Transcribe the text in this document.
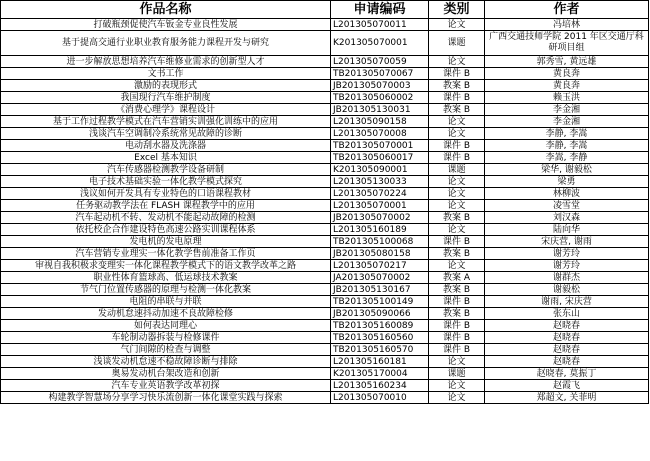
作品名称	申请编码	类别	作者
打破瓶颈促使汽车钣金专业良性发展	L201305070011	论文	冯培林
基于提高交通行业职业教育服务能力课程开发与研究	K201305070001	课题	广西交通技师学院 2011 年区交通厅科研项目组
进一步解放思想培养汽车维修业需求的创新型人才	L201305070059	论文	郭秀雪, 黄远雄
文书工作	TB201305070067	课件 B	黄良奔
激励的表现形式	JB201305070003	教案 B	黄良奔
我国现行汽车维护制度	TB201305060002	课件 B	赖玉洪
《消费心理学》课程设计	JB201305130031	教案 B	李金湘
基于工作过程教学模式在汽车营销实训强化训练中的应用	L201305090158	论文	李金湘
浅谈汽车空调制冷系统常见故障的诊断	L201305070008	论文	李静, 李嵩
电动刮水器及洗涤器	TB201305070001	课件 B	李静, 李嵩
Excel 基本知识	TB201305060017	课件 B	李嵩, 李静
汽车传感器检测教学设备研制	K201305090001	课题	梁华, 谢毅松
电子技术基础实验一体化教学模式探究	L201305130033	论文	梁勇
浅议如何开发具有专业特色的口语课程教材	L201305070224	论文	林柳波
任务驱动教学法在 FLASH 课程教学中的应用	L201305070001	论文	凌雪堂
汽车起动机不转、发动机不能起动故障的检测	JB201305070002	教案 B	刘汉森
依托校企合作建设特色高速公路实训课程体系	L201305160189	论文	陆向华
发电机的发电原理	TB201305100068	课件 B	宋庆营, 谢雨
汽车营销专业理实一体化教学售前准备工作页	JB201305080158	教案 B	谢芳玲
审视自我积极求变理实一体化课程教学模式下的语文教学改革之路	L201305070217	论文	谢芳玲
职业性体育篮球高、低运球技术教案	JA201305070002	教案 A	谢群杰
节气门位置传感器的原理与检测一体化教案	JB201305130167	教案 B	谢毅松
电阻的串联与并联	TB201305100149	课件 B	谢雨, 宋庆营
发动机怠速抖动加速不良故障检修	JB201305090066	教案 B	张东山
如何表达同理心	TB201305160089	课件 B	赵晓春
车轮制动器拆装与检修课件	TB201305160560	课件 B	赵晓春
气门间隙的检查与调整	TB201305160570	课件 B	赵晓春
浅谈发动机怠速不稳故障诊断与排除	L201305160181	论文	赵晓春
奥易发动机台架改造和创新	K201305170004	课题	赵晓春, 莫振丁
汽车专业英语教学改革初探	L201305160234	论文	赵霞飞
构建教学智慧场分享学习快乐流创新一体化课堂实践与探索	L201305070010	论文	郑超文, 关菲明
